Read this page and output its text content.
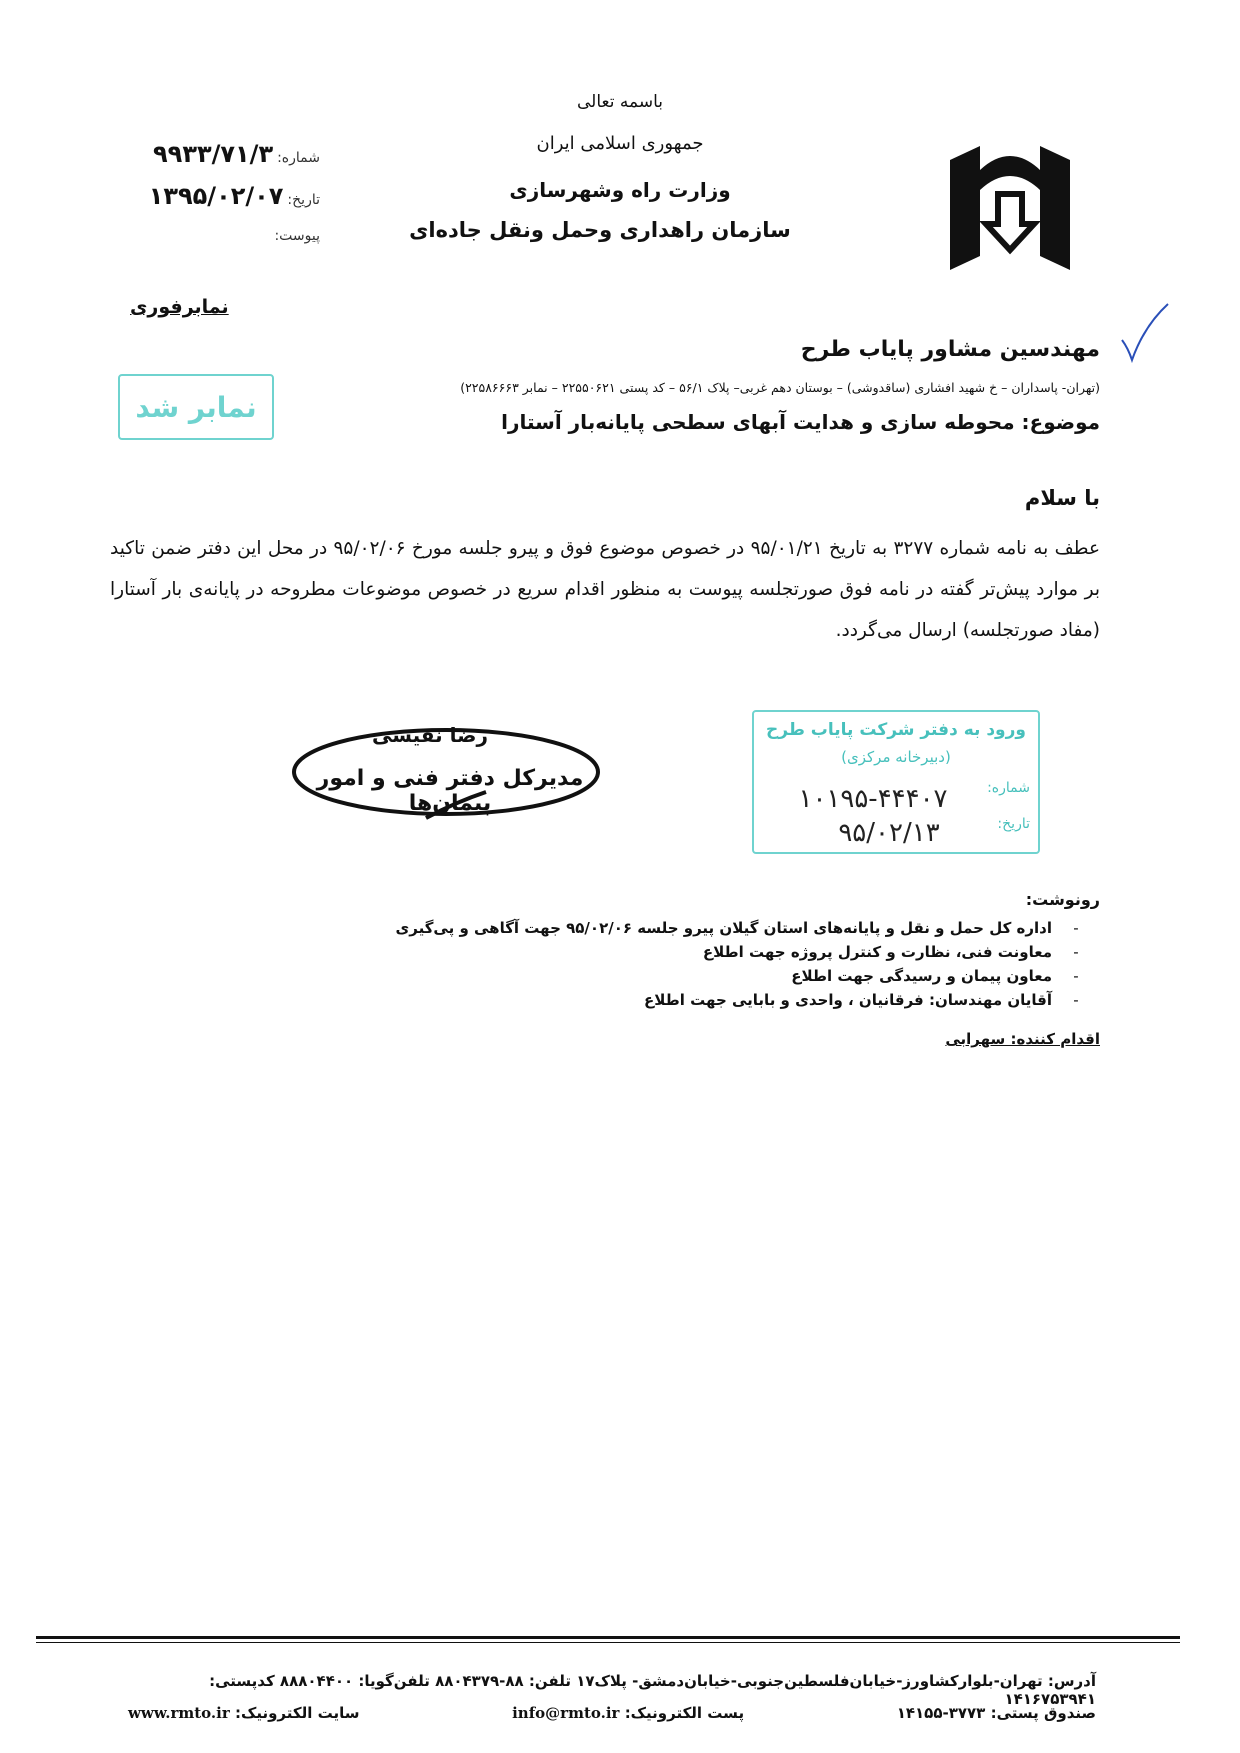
باسمه تعالی
جمهوری اسلامی ایران
وزارت راه وشهرسازی
سازمان راهداری وحمل ونقل جاده‌ای
شماره:
۹۹۳۳/۷۱/۳
تاریخ:
۱۳۹۵/۰۲/۰۷
پیوست:
نمابرفوری
مهندسین مشاور پایاب طرح
(تهران- پاسداران – خ شهید افشاری (ساقدوشی) – بوستان دهم غربی– پلاک ۵۶/۱ – کد پستی ۲۲۵۵۰۶۲۱ – نمابر ۲۲۵۸۶۶۶۳)
موضوع: محوطه سازی و هدایت آبهای سطحی پایانه‌بار آستارا
نمابر شد
با سلام
عطف به نامه شماره ۳۲۷۷ به تاریخ ۹۵/۰۱/۲۱ در خصوص موضوع فوق و پیرو جلسه مورخ ۹۵/۰۲/۰۶ در محل این دفتر ضمن تاکید بر موارد پیش‌تر گفته در نامه فوق صورتجلسه پیوست به منظور اقدام سریع در خصوص موضوعات مطروحه در پایانه‌ی بار آستارا (مفاد صورتجلسه) ارسال می‌گردد.
رضا نفیسی
مدیرکل دفتر فنی و امور پیمان‌ها
ورود به دفتر شرکت پایاب طرح
(دبیرخانه مرکزی)
شماره:
۱۰۱۹۵-۴۴۴۰۷
تاریخ:
۹۵/۰۲/۱۳
رونوشت:
-اداره کل حمل و نقل و پایانه‌های استان گیلان پیرو جلسه ۹۵/۰۲/۰۶ جهت آگاهی و پی‌گیری
-معاونت فنی، نظارت و کنترل پروژه جهت اطلاع
-معاون پیمان و رسیدگی جهت اطلاع
-آقایان مهندسان: فرقانیان ، واحدی و بابایی جهت اطلاع
اقدام کننده: سهرابی
آدرس: تهران-بلوارکشاورز-خیابان‌فلسطین‌جنوبی-خیابان‌دمشق- پلاک۱۷ تلفن: ۸۸-۸۸۰۴۳۷۹ تلفن‌گویا: ۸۸۸۰۴۴۰۰ کدپستی: ۱۴۱۶۷۵۳۹۴۱
صندوق پستی: ۳۷۷۳-۱۴۱۵۵
پست الکترونیک: info@rmto.ir
سایت الکترونیک: www.rmto.ir
